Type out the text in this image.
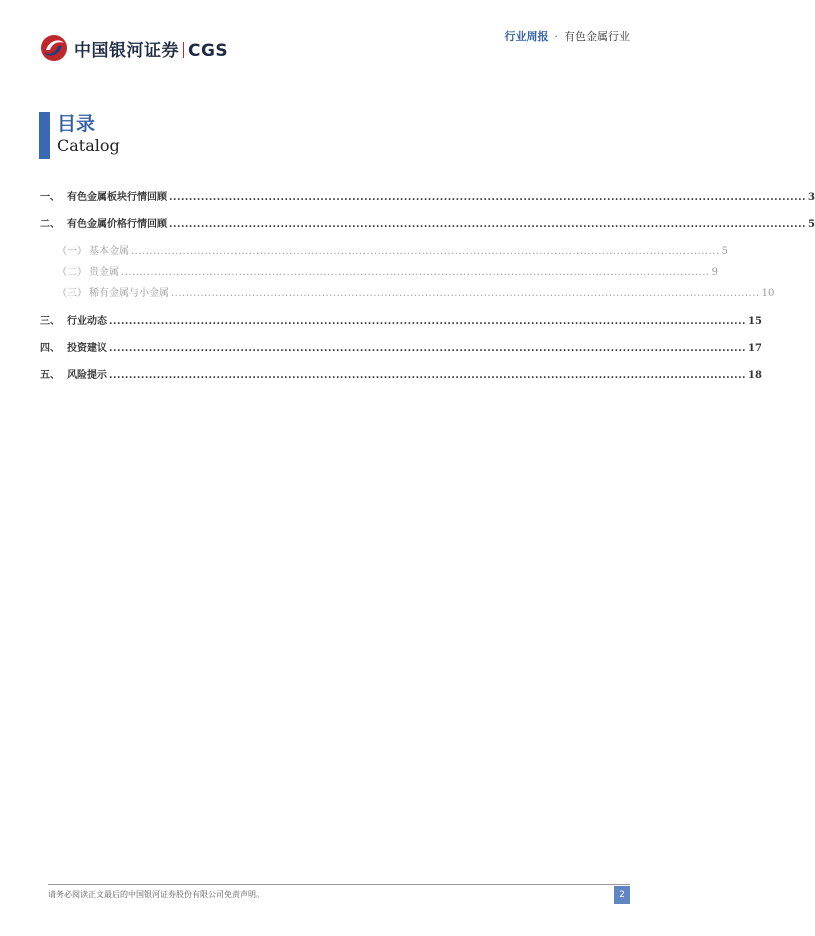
中国银河证券 CGS
行业周报 · 有色金属行业
目录
Catalog
一、 有色金属板块行情回顾 ................................................................................................................................................................ 3
二、 有色金属价格行情回顾 ................................................................................................................................................................ 5
（一） 基本金属 ................................................................................................................................................................ 5
（二） 贵金属 ................................................................................................................................................................ 9
（三） 稀有金属与小金属 ................................................................................................................................................................ 10
三、 行业动态 ................................................................................................................................................................ 15
四、 投资建议 ................................................................................................................................................................ 17
五、 风险提示 ................................................................................................................................................................ 18
请务必阅读正文最后的中国银河证券股份有限公司免责声明。	2
